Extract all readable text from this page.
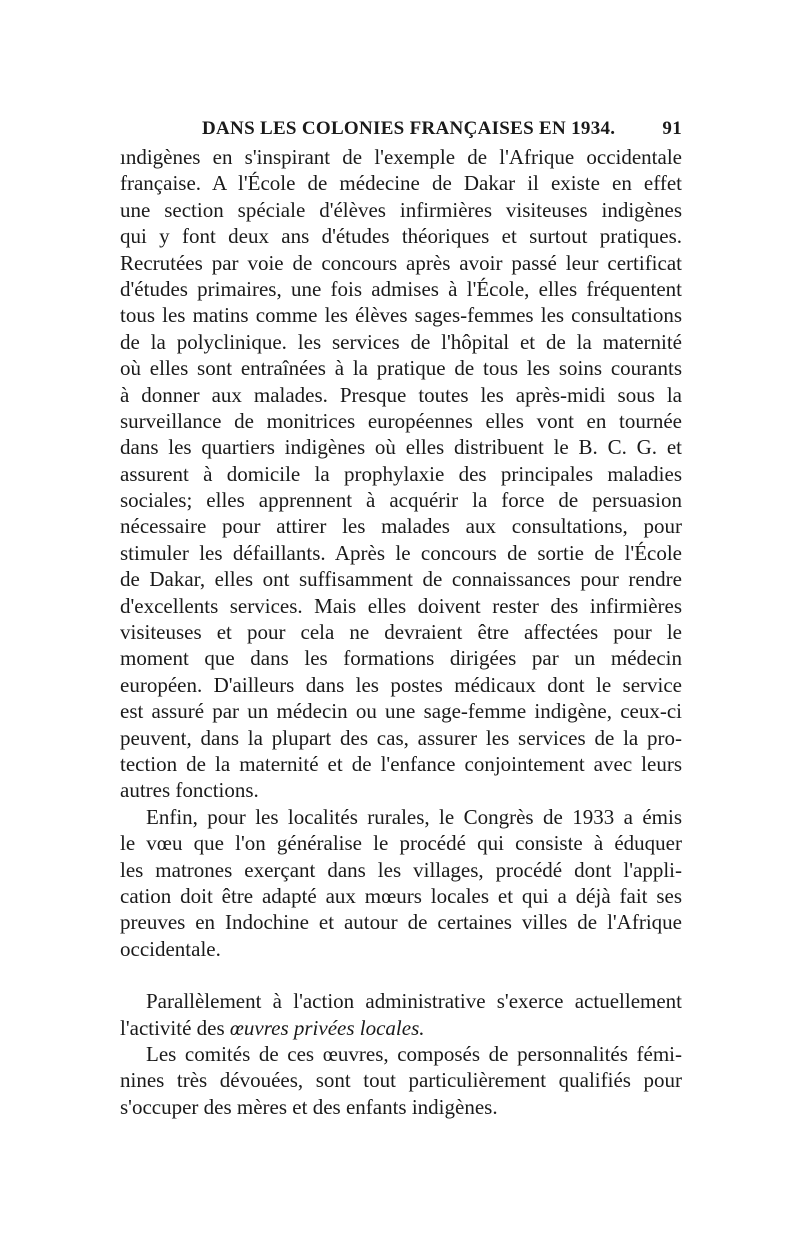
DANS LES COLONIES FRANÇAISES EN 1934. 91
ındigènes en s'inspirant de l'exemple de l'Afrique occidentale
française. A l'École de médecine de Dakar il existe en effet
une section spéciale d'élèves infirmières visiteuses indigènes
qui y font deux ans d'études théoriques et surtout pratiques.
Recrutées par voie de concours après avoir passé leur certificat
d'études primaires, une fois admises à l'École, elles fréquentent
tous les matins comme les élèves sages-femmes les consultations
de la polyclinique. les services de l'hôpital et de la maternité
où elles sont entraînées à la pratique de tous les soins courants
à donner aux malades. Presque toutes les après-midi sous la
surveillance de monitrices européennes elles vont en tournée
dans les quartiers indigènes où elles distribuent le B. C. G. et
assurent à domicile la prophylaxie des principales maladies
sociales; elles apprennent à acquérir la force de persuasion
nécessaire pour attirer les malades aux consultations, pour
stimuler les défaillants. Après le concours de sortie de l'École
de Dakar, elles ont suffisamment de connaissances pour rendre
d'excellents services. Mais elles doivent rester des infirmières
visiteuses et pour cela ne devraient être affectées pour le
moment que dans les formations dirigées par un médecin
européen. D'ailleurs dans les postes médicaux dont le service
est assuré par un médecin ou une sage-femme indigène, ceux-ci
peuvent, dans la plupart des cas, assurer les services de la pro-
tection de la maternité et de l'enfance conjointement avec leurs
autres fonctions.
Enfin, pour les localités rurales, le Congrès de 1933 a émis
le vœu que l'on généralise le procédé qui consiste à éduquer
les matrones exerçant dans les villages, procédé dont l'appli-
cation doit être adapté aux mœurs locales et qui a déjà fait ses
preuves en Indochine et autour de certaines villes de l'Afrique
occidentale.
Parallèlement à l'action administrative s'exerce actuellement
l'activité des œuvres privées locales.
Les comités de ces œuvres, composés de personnalités fémi-
nines très dévouées, sont tout particulièrement qualifiés pour
s'occuper des mères et des enfants indigènes.
